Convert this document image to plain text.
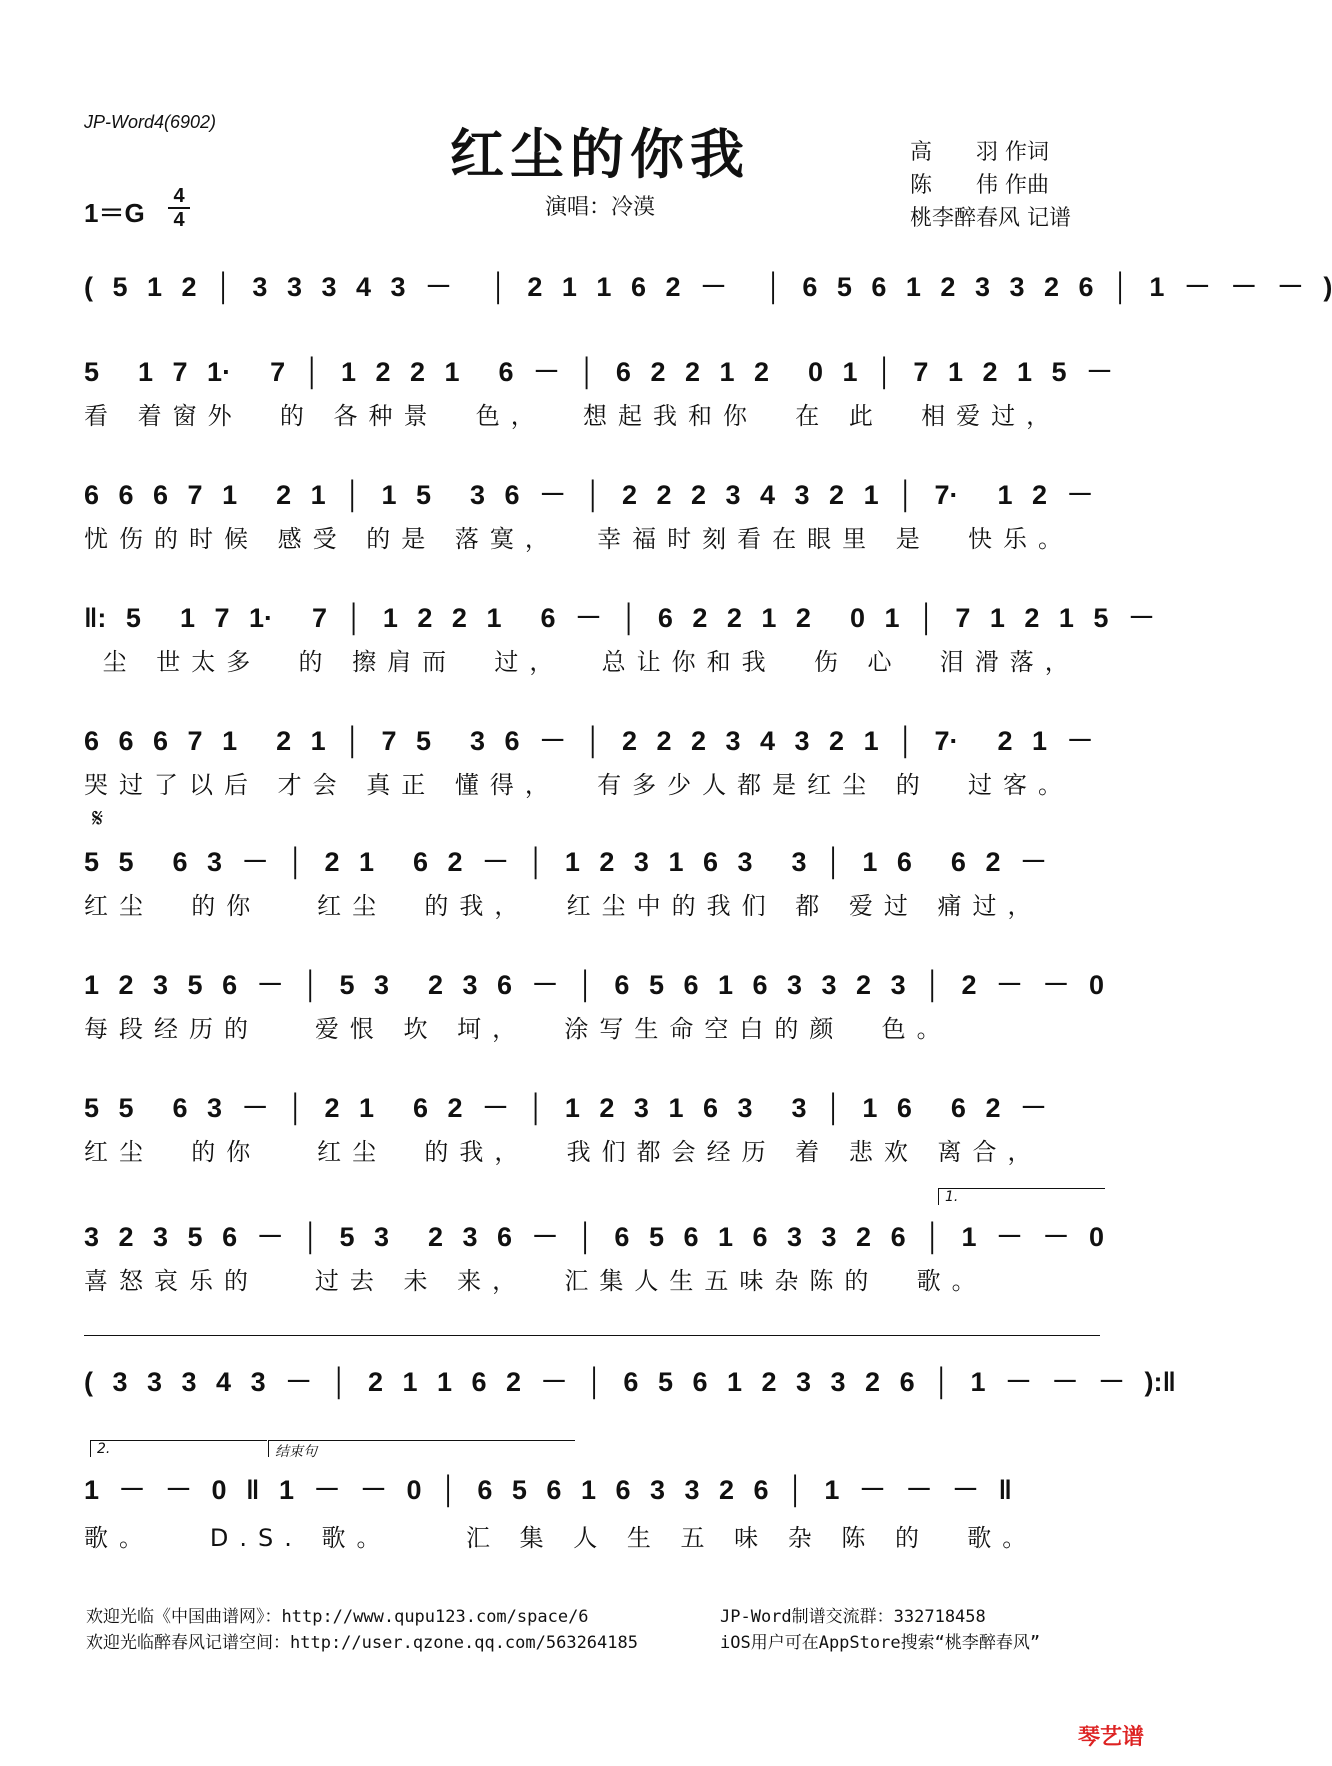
JP-Word4(6902)	红尘的你我
演唱：冷漠
1＝G
4
4
高　　羽 作词
陈　　伟 作曲
桃李醉春风 记谱
( 5 1 2 │ 3 3 3 4 3 －  │ 2 1 1 6 2 －  │ 6 5 6 1 2 3 3 2 6 │ 1 － － － )
5  1 7 1·  7 │ 1 2 2 1  6 － │ 6 2 2 1 2  0 1 │ 7 1 2 1 5 －
看 着窗外  的 各种景  色，  想起我和你  在 此  相爱过，
6 6 6 7 1  2 1 │ 1 5  3 6 － │ 2 2 2 3 4 3 2 1 │ 7·  1 2 －
忧伤的时候 感受 的是 落寞，  幸福时刻看在眼里 是  快乐。
‖: 5  1 7 1·  7 │ 1 2 2 1  6 － │ 6 2 2 1 2  0 1 │ 7 1 2 1 5 －
尘 世太多  的 擦肩而  过，  总让你和我  伤 心  泪滑落，
6 6 6 7 1  2 1 │ 7 5  3 6 － │ 2 2 2 3 4 3 2 1 │ 7·  2 1 －
哭过了以后 才会 真正 懂得，  有多少人都是红尘 的  过客。
𝄋
5 5  6 3 － │ 2 1  6 2 － │ 1 2 3 1 6 3  3 │ 1 6  6 2 －
红尘  的你   红尘  的我，  红尘中的我们 都 爱过 痛过，
1 2 3 5 6 － │ 5 3  2 3 6 － │ 6 5 6 1 6 3 3 2 3 │ 2 － － 0
每段经历的   爱恨 坎 坷，  涂写生命空白的颜  色。
5 5  6 3 － │ 2 1  6 2 － │ 1 2 3 1 6 3  3 │ 1 6  6 2 －
红尘  的你   红尘  的我，  我们都会经历 着 悲欢 离合，
1.
3 2 3 5 6 － │ 5 3  2 3 6 － │ 6 5 6 1 6 3 3 2 6 │ 1 － － 0
喜怒哀乐的   过去 未 来，  汇集人生五味杂陈的  歌。
( 3 3 3 4 3 － │ 2 1 1 6 2 － │ 6 5 6 1 2 3 3 2 6 │ 1 － － － ):‖
2.	结束句
1 － － 0 ‖ 1 － － 0 │ 6 5 6 1 6 3 3 2 6 │ 1 － － － ‖
歌。   D.S. 歌。    汇 集 人 生 五 味 杂 陈 的  歌。
欢迎光临《中国曲谱网》：http://www.qupu123.com/space/6
欢迎光临醉春风记谱空间：http://user.qzone.qq.com/563264185
JP-Word制谱交流群：332718458
iOS用户可在AppStore搜索“桃李醉春风”
琴艺谱
